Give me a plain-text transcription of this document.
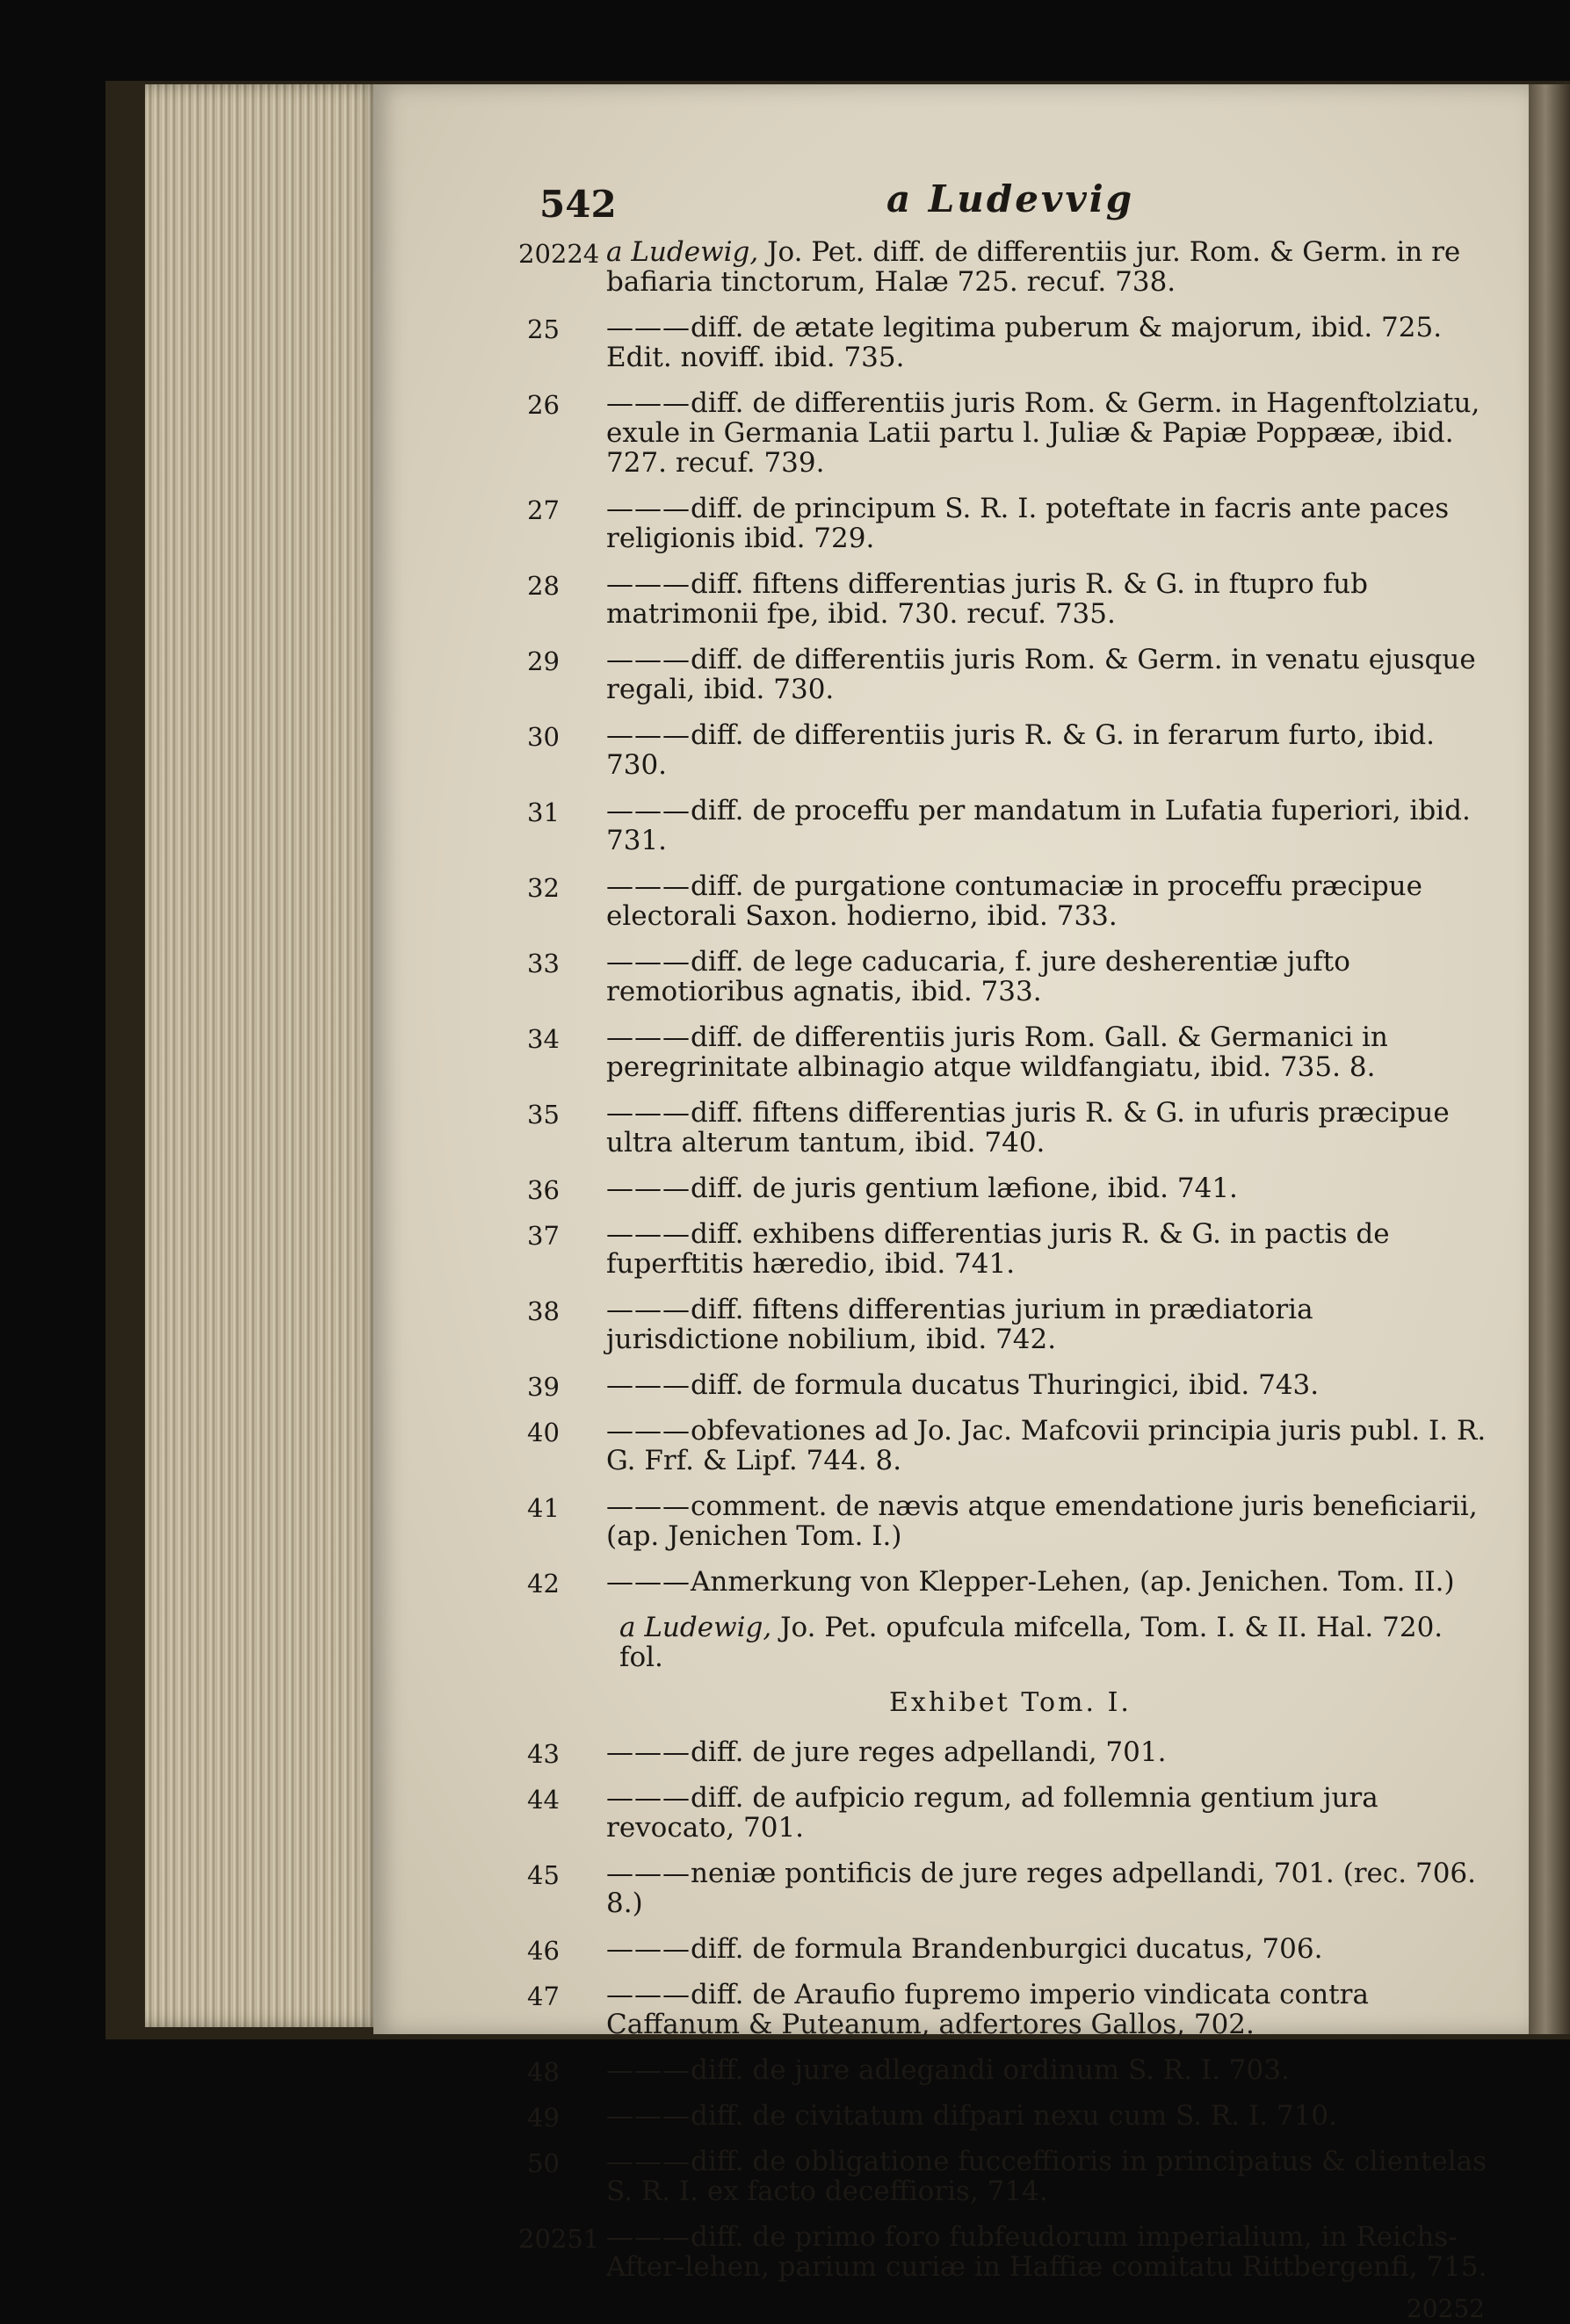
542	a Ludevvig
20224 a Ludewig, Jo. Pet. diff. de differentiis jur. Rom. & Germ. in re bafiaria tinctorum, Halæ 725. recuf. 738.
25	———diff. de ætate legitima puberum & majorum, ibid. 725. Edit. noviff. ibid. 735.
26	———diff. de differentiis juris Rom. & Germ. in Hagenftolziatu, exule in Germania Latii partu l. Juliæ & Papiæ Poppææ, ibid. 727. recuf. 739.
27	———diff. de principum S. R. I. poteftate in facris ante paces religionis ibid. 729.
28	———diff. fiftens differentias juris R. & G. in ftupro fub matrimonii fpe, ibid. 730. recuf. 735.
29	———diff. de differentiis juris Rom. & Germ. in venatu ejusque regali, ibid. 730.
30	———diff. de differentiis juris R. & G. in ferarum furto, ibid. 730.
31	———diff. de proceffu per mandatum in Lufatia fuperiori, ibid. 731.
32	———diff. de purgatione contumaciæ in proceffu præcipue electorali Saxon. hodierno, ibid. 733.
33	———diff. de lege caducaria, f. jure desherentiæ jufto remotioribus agnatis, ibid. 733.
34	———diff. de differentiis juris Rom. Gall. & Germanici in peregrinitate albinagio atque wildfangiatu, ibid. 735. 8.
35	———diff. fiftens differentias juris R. & G. in ufuris præcipue ultra alterum tantum, ibid. 740.
36	———diff. de juris gentium læfione, ibid. 741.
37	———diff. exhibens differentias juris R. & G. in pactis de fuperftitis hæredio, ibid. 741.
38	———diff. fiftens differentias jurium in prædiatoria jurisdictione nobilium, ibid. 742.
39	———diff. de formula ducatus Thuringici, ibid. 743.
40	———obfevationes ad Jo. Jac. Mafcovii principia juris publ. I. R. G. Frf. & Lipf. 744. 8.
41	———comment. de nævis atque emendatione juris beneficiarii, (ap. Jenichen Tom. I.)
42	———Anmerkung von Klepper-Lehen, (ap. Jenichen. Tom. II.)
a Ludewig, Jo. Pet. opufcula mifcella, Tom. I. & II. Hal. 720. fol.
Exhibet Tom. I.
43	———diff. de jure reges adpellandi, 701.
44	———diff. de aufpicio regum, ad follemnia gentium jura revocato, 701.
45	———neniæ pontificis de jure reges adpellandi, 701. (rec. 706. 8.)
46	———diff. de formula Brandenburgici ducatus, 706.
47	———diff. de Araufio fupremo imperio vindicata contra Caffanum & Puteanum, adfertores Gallos, 702.
48	———diff. de jure adlegandi ordinum S. R. I. 703.
49	———diff. de civitatum difpari nexu cum S. R. I. 710.
50	———diff. de obligatione fucceffioris in principatus & clientelas S. R. I. ex facto deceffioris, 714.
20251 ———diff. de primo foro fubfeudorum imperialium, in Reichs-After-lehen, parium curiæ in Haffiæ comitatu Rittbergenfi, 715.
20252
